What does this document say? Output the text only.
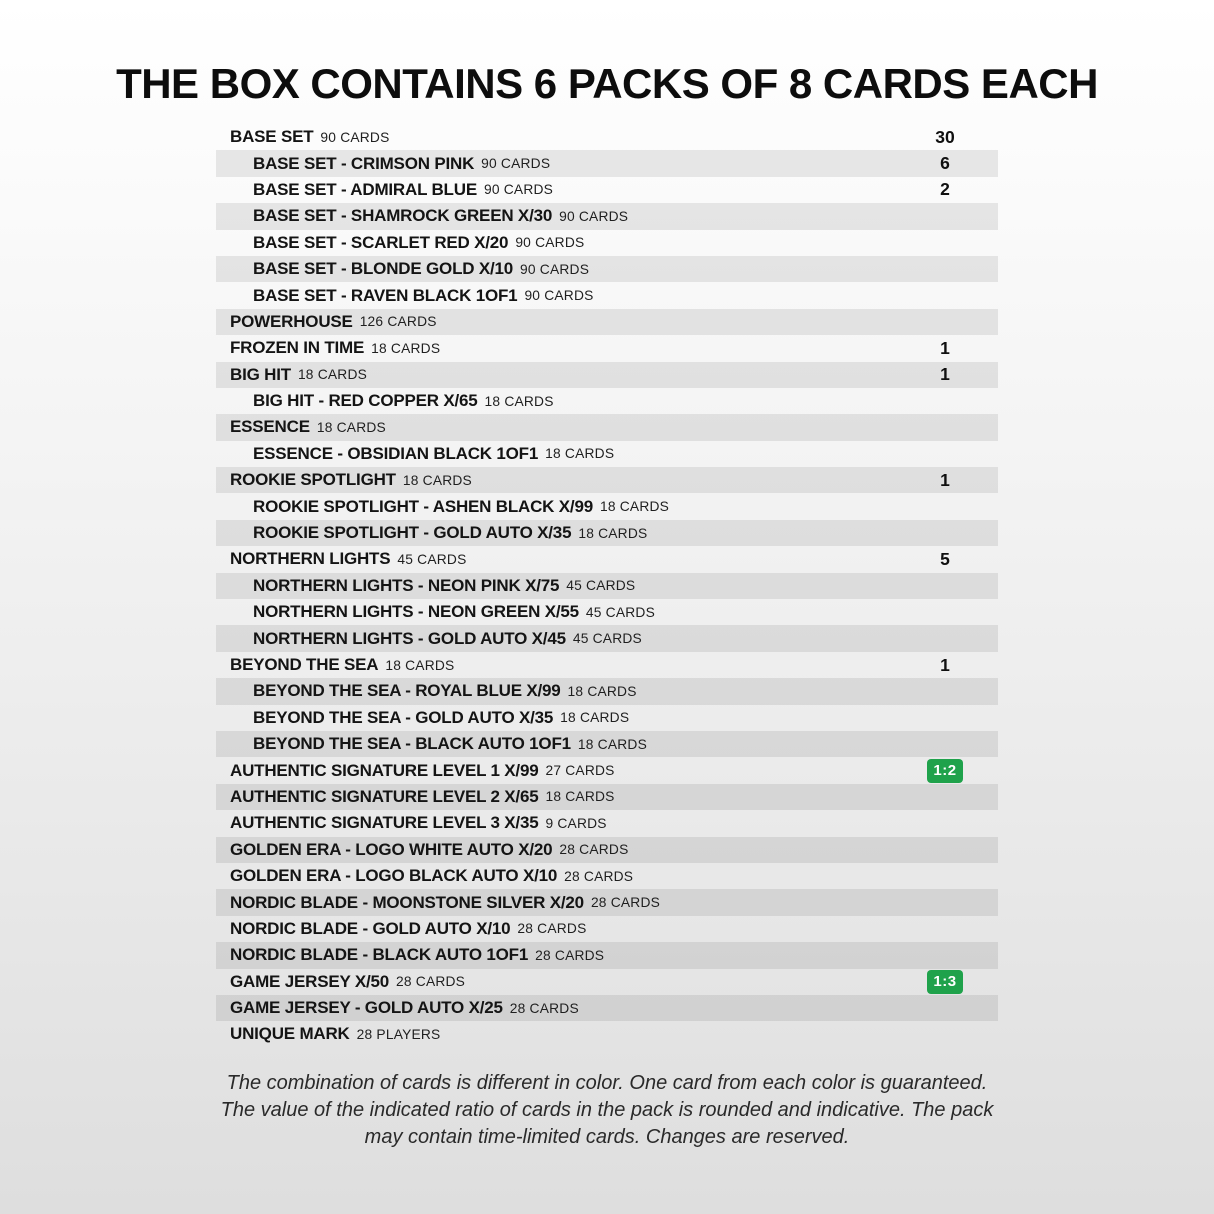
THE BOX CONTAINS 6 PACKS OF 8 CARDS EACH
BASE SET 90 CARDS	30
BASE SET - CRIMSON PINK 90 CARDS	6
BASE SET - ADMIRAL BLUE 90 CARDS	2
BASE SET - SHAMROCK GREEN X/30 90 CARDS
BASE SET - SCARLET RED X/20 90 CARDS
BASE SET - BLONDE GOLD X/10 90 CARDS
BASE SET - RAVEN BLACK 1OF1 90 CARDS
POWERHOUSE 126 CARDS
FROZEN IN TIME 18 CARDS	1
BIG HIT 18 CARDS	1
BIG HIT - RED COPPER X/65 18 CARDS
ESSENCE 18 CARDS
ESSENCE - OBSIDIAN BLACK 1OF1 18 CARDS
ROOKIE SPOTLIGHT 18 CARDS	1
ROOKIE SPOTLIGHT - ASHEN BLACK X/99 18 CARDS
ROOKIE SPOTLIGHT - GOLD AUTO X/35 18 CARDS
NORTHERN LIGHTS 45 CARDS	5
NORTHERN LIGHTS - NEON PINK X/75 45 CARDS
NORTHERN LIGHTS - NEON GREEN X/55 45 CARDS
NORTHERN LIGHTS - GOLD AUTO X/45 45 CARDS
BEYOND THE SEA 18 CARDS	1
BEYOND THE SEA - ROYAL BLUE X/99 18 CARDS
BEYOND THE SEA - GOLD AUTO X/35 18 CARDS
BEYOND THE SEA - BLACK AUTO 1OF1 18 CARDS
AUTHENTIC SIGNATURE LEVEL 1 X/99 27 CARDS	1:2
AUTHENTIC SIGNATURE LEVEL 2 X/65 18 CARDS
AUTHENTIC SIGNATURE LEVEL 3 X/35 9 CARDS
GOLDEN ERA - LOGO WHITE AUTO X/20 28 CARDS
GOLDEN ERA - LOGO BLACK AUTO X/10 28 CARDS
NORDIC BLADE - MOONSTONE SILVER X/20 28 CARDS
NORDIC BLADE - GOLD AUTO X/10 28 CARDS
NORDIC BLADE - BLACK AUTO 1OF1 28 CARDS
GAME JERSEY X/50 28 CARDS	1:3
GAME JERSEY - GOLD AUTO X/25 28 CARDS
UNIQUE MARK 28 PLAYERS
The combination of cards is different in color. One card from each color is guaranteed.
The value of the indicated ratio of cards in the pack is rounded and indicative. The pack
may contain time-limited cards. Changes are reserved.
